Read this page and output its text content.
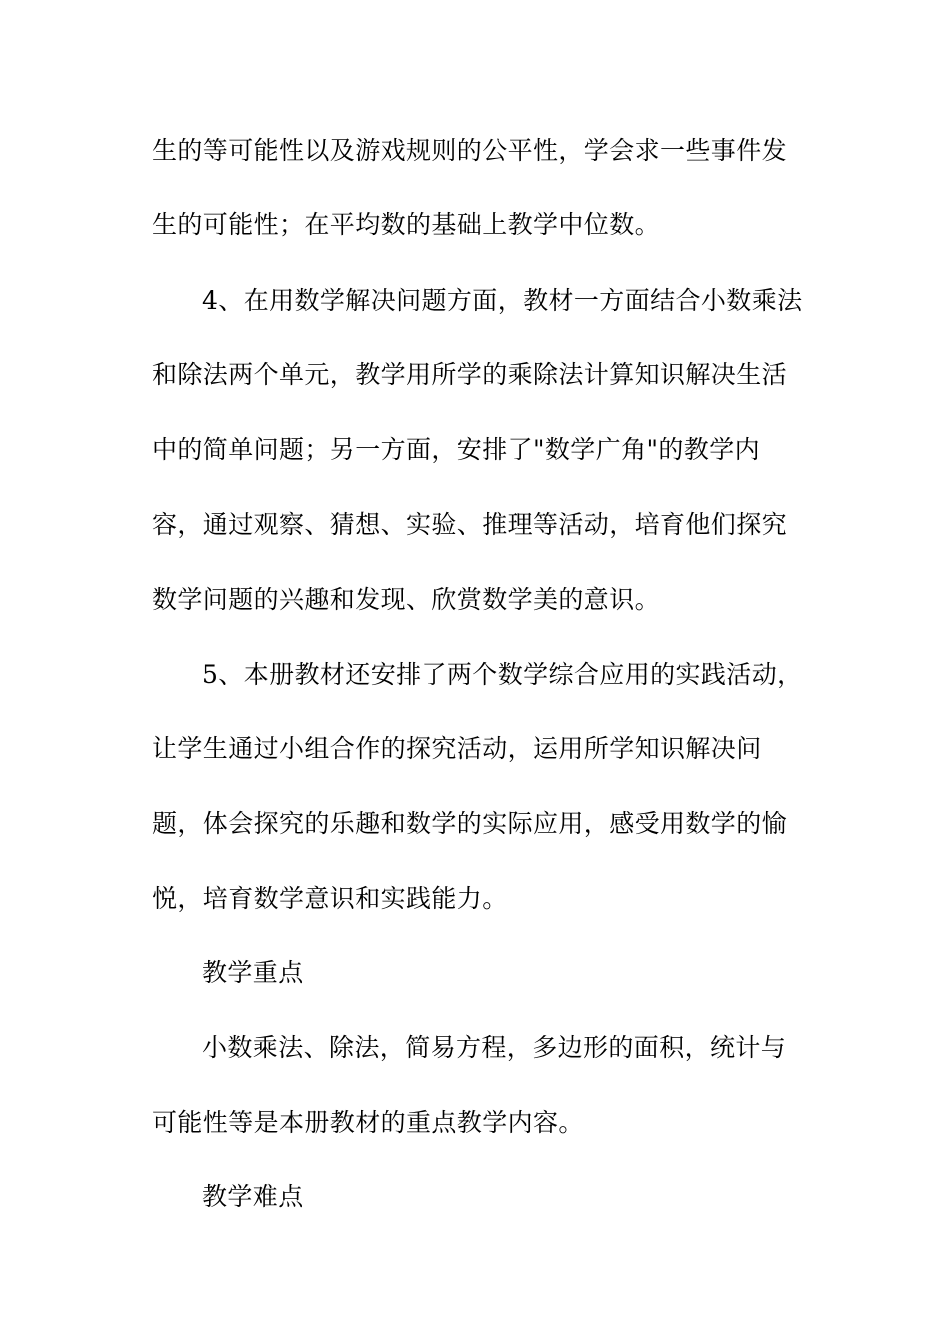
生的等可能性以及游戏规则的公平性，学会求一些事件发
生的可能性；在平均数的基础上教学中位数。
4、在用数学解决问题方面，教材一方面结合小数乘法
和除法两个单元，教学用所学的乘除法计算知识解决生活
中的简单问题；另一方面，安排了"数学广角"的教学内
容，通过观察、猜想、实验、推理等活动，培育他们探究
数学问题的兴趣和发现、欣赏数学美的意识。
5、本册教材还安排了两个数学综合应用的实践活动，
让学生通过小组合作的探究活动，运用所学知识解决问
题，体会探究的乐趣和数学的实际应用，感受用数学的愉
悦，培育数学意识和实践能力。
教学重点
小数乘法、除法，简易方程，多边形的面积，统计与
可能性等是本册教材的重点教学内容。
教学难点
